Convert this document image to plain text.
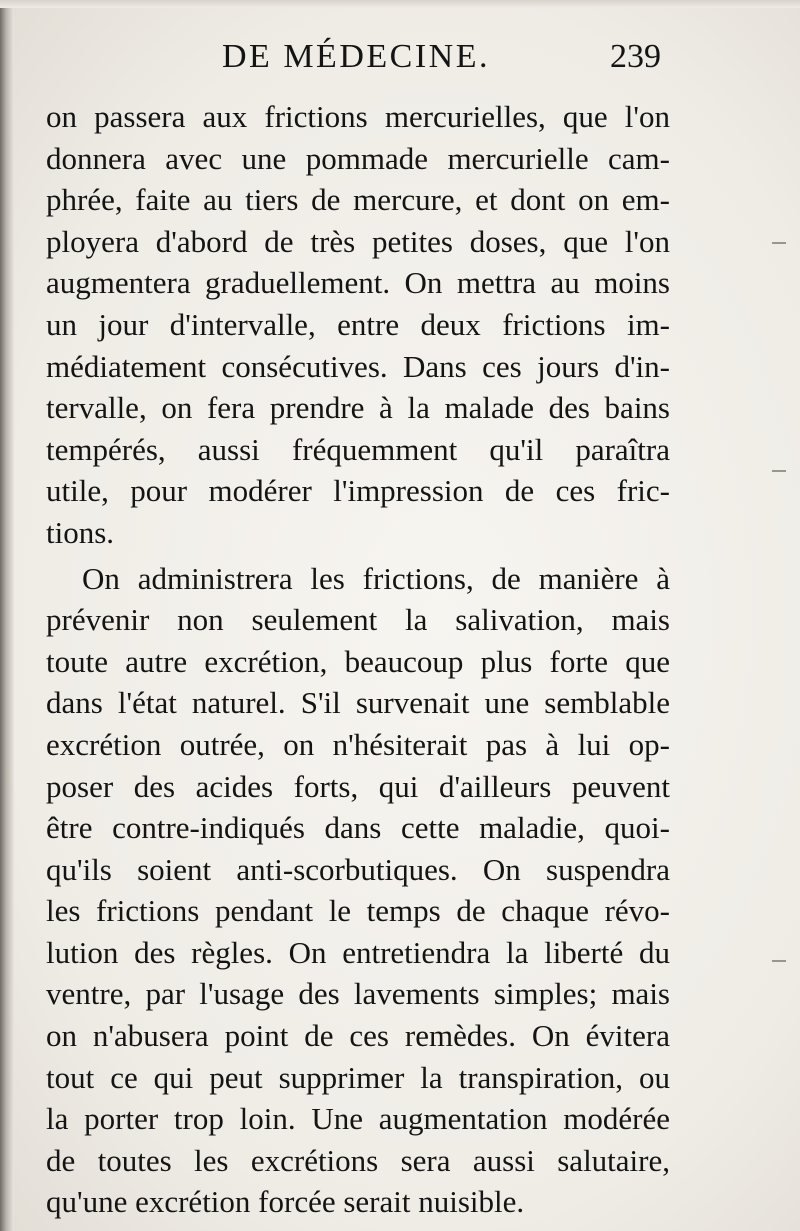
DE MÉDECINE.	239
on passera aux frictions mercurielles, que l'on
donnera avec une pommade mercurielle cam-
phrée, faite au tiers de mercure, et dont on em-
ployera d'abord de très petites doses, que l'on
augmentera graduellement. On mettra au moins
un jour d'intervalle, entre deux frictions im-
médiatement consécutives. Dans ces jours d'in-
tervalle, on fera prendre à la malade des bains
tempérés, aussi fréquemment qu'il paraîtra
utile, pour modérer l'impression de ces fric-
tions.
On administrera les frictions, de manière à
prévenir non seulement la salivation, mais
toute autre excrétion, beaucoup plus forte que
dans l'état naturel. S'il survenait une semblable
excrétion outrée, on n'hésiterait pas à lui op-
poser des acides forts, qui d'ailleurs peuvent
être contre-indiqués dans cette maladie, quoi-
qu'ils soient anti-scorbutiques. On suspendra
les frictions pendant le temps de chaque révo-
lution des règles. On entretiendra la liberté du
ventre, par l'usage des lavements simples; mais
on n'abusera point de ces remèdes. On évitera
tout ce qui peut supprimer la transpiration, ou
la porter trop loin. Une augmentation modérée
de toutes les excrétions sera aussi salutaire,
qu'une excrétion forcée serait nuisible.
